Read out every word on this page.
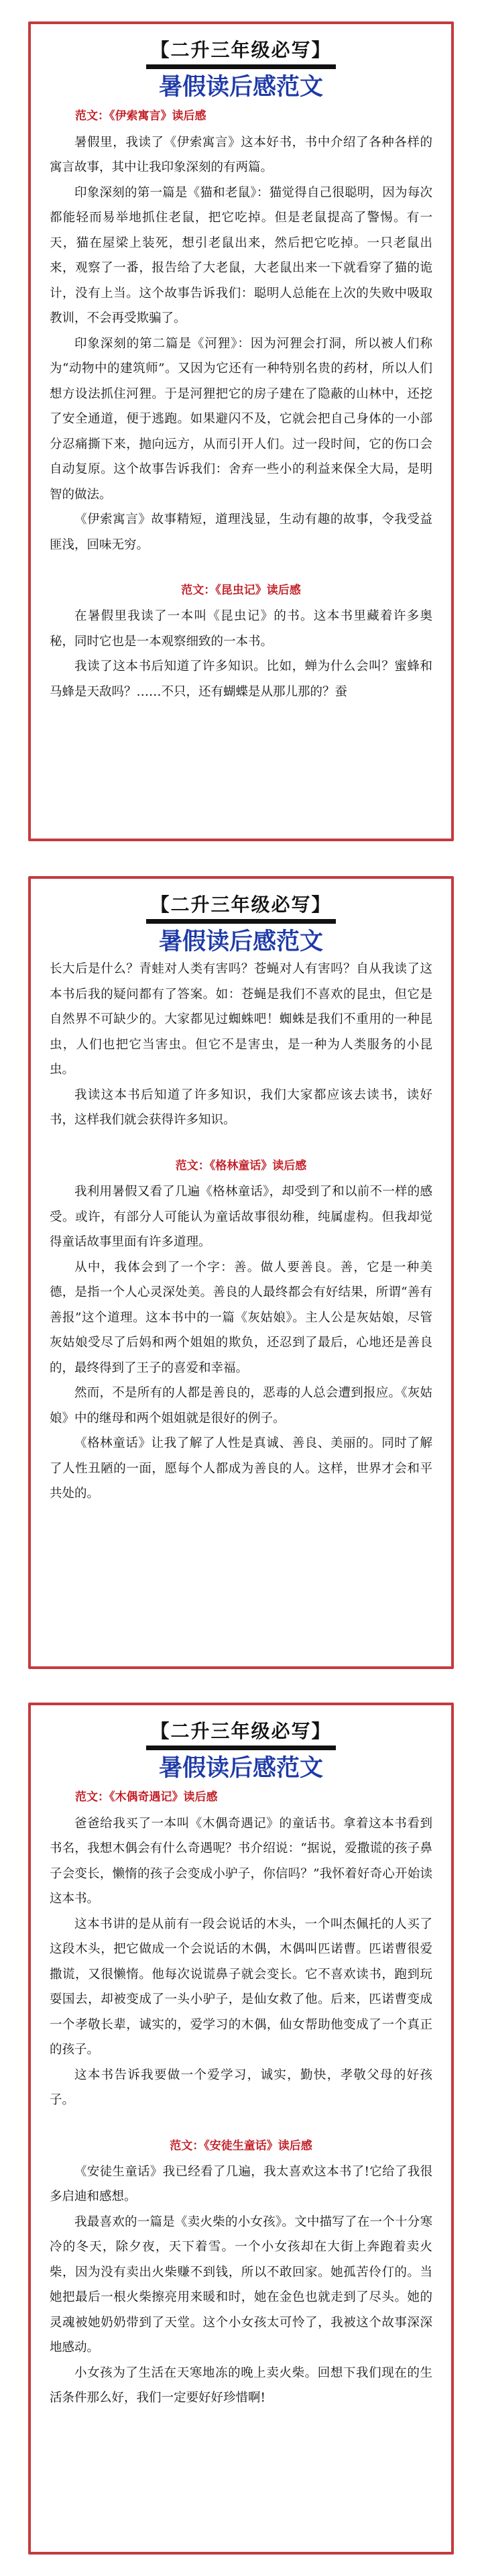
【二升三年级必写】
暑假读后感范文
范文：《伊索寓言》读后感

暑假里，我读了《伊索寓言》这本好书，书中介绍了各种各样的寓言故事，其中让我印象深刻的有两篇。

印象深刻的第一篇是《猫和老鼠》：猫觉得自己很聪明，因为每次都能轻而易举地抓住老鼠，把它吃掉。但是老鼠提高了警惕。有一天，猫在屋梁上装死，想引老鼠出来，然后把它吃掉。一只老鼠出来，观察了一番，报告给了大老鼠，大老鼠出来一下就看穿了猫的诡计，没有上当。这个故事告诉我们：聪明人总能在上次的失败中吸取教训，不会再受欺骗了。

印象深刻的第二篇是《河狸》：因为河狸会打洞，所以被人们称为“动物中的建筑师”。又因为它还有一种特别名贵的药材，所以人们想方设法抓住河狸。于是河狸把它的房子建在了隐蔽的山林中，还挖了安全通道，便于逃跑。如果避闪不及，它就会把自己身体的一小部分忍痛撕下来，抛向远方，从而引开人们。过一段时间，它的伤口会自动复原。这个故事告诉我们：舍弃一些小的利益来保全大局，是明智的做法。

《伊索寓言》故事精短，道理浅显，生动有趣的故事，令我受益匪浅，回味无穷。

范文：《昆虫记》读后感

在暑假里我读了一本叫《昆虫记》的书。这本书里藏着许多奥秘，同时它也是一本观察细致的一本书。

我读了这本书后知道了许多知识。比如，蝉为什么会叫？蜜蜂和马蜂是天敌吗？……不只，还有蝴蝶是从那儿那的？蚕

【二升三年级必写】
暑假读后感范文

长大后是什么？青蛙对人类有害吗？苍蝇对人有害吗？自从我读了这本书后我的疑问都有了答案。如：苍蝇是我们不喜欢的昆虫，但它是自然界不可缺少的。大家都见过蜘蛛吧！蜘蛛是我们不重用的一种昆虫，人们也把它当害虫。但它不是害虫，是一种为人类服务的小昆虫。

我读这本书后知道了许多知识，我们大家都应该去读书，读好书，这样我们就会获得许多知识。

范文：《格林童话》读后感

我利用暑假又看了几遍《格林童话》，却受到了和以前不一样的感受。或许，有部分人可能认为童话故事很幼稚，纯属虚构。但我却觉得童话故事里面有许多道理。

从中，我体会到了一个字：善。做人要善良。善，它是一种美德，是指一个人心灵深处美。善良的人最终都会有好结果，所谓“善有善报”这个道理。这本书中的一篇《灰姑娘》。主人公是灰姑娘，尽管灰姑娘受尽了后妈和两个姐姐的欺负，还忍到了最后，心地还是善良的，最终得到了王子的喜爱和幸福。

然而，不是所有的人都是善良的，恶毒的人总会遭到报应。《灰姑娘》中的继母和两个姐姐就是很好的例子。

《格林童话》让我了解了人性是真诚、善良、美丽的。同时了解了人性丑陋的一面，愿每个人都成为善良的人。这样，世界才会和平共处的。

【二升三年级必写】
暑假读后感范文
范文：《木偶奇遇记》读后感

爸爸给我买了一本叫《木偶奇遇记》的童话书。拿着这本书看到书名，我想木偶会有什么奇遇呢？书介绍说：“据说，爱撒谎的孩子鼻子会变长，懒惰的孩子会变成小驴子，你信吗？”我怀着好奇心开始读这本书。

这本书讲的是从前有一段会说话的木头，一个叫杰佩托的人买了这段木头，把它做成一个会说话的木偶，木偶叫匹诺曹。匹诺曹很爱撒谎，又很懒惰。他每次说谎鼻子就会变长。它不喜欢读书，跑到玩耍国去，却被变成了一头小驴子，是仙女救了他。后来，匹诺曹变成一个孝敬长辈，诚实的，爱学习的木偶，仙女帮助他变成了一个真正的孩子。

这本书告诉我要做一个爱学习，诚实，勤快，孝敬父母的好孩子。

范文：《安徒生童话》读后感

《安徒生童话》我已经看了几遍，我太喜欢这本书了!它给了我很多启迪和感想。

我最喜欢的一篇是《卖火柴的小女孩》。文中描写了在一个十分寒冷的冬天，除夕夜，天下着雪。一个小女孩却在大街上奔跑着卖火柴，因为没有卖出火柴赚不到钱，所以不敢回家。她孤苦伶仃的。当她把最后一根火柴擦亮用来暖和时，她在金色也就走到了尽头。她的灵魂被她奶奶带到了天堂。这个小女孩太可怜了，我被这个故事深深地感动。

小女孩为了生活在天寒地冻的晚上卖火柴。回想下我们现在的生活条件那么好，我们一定要好好珍惜啊!
